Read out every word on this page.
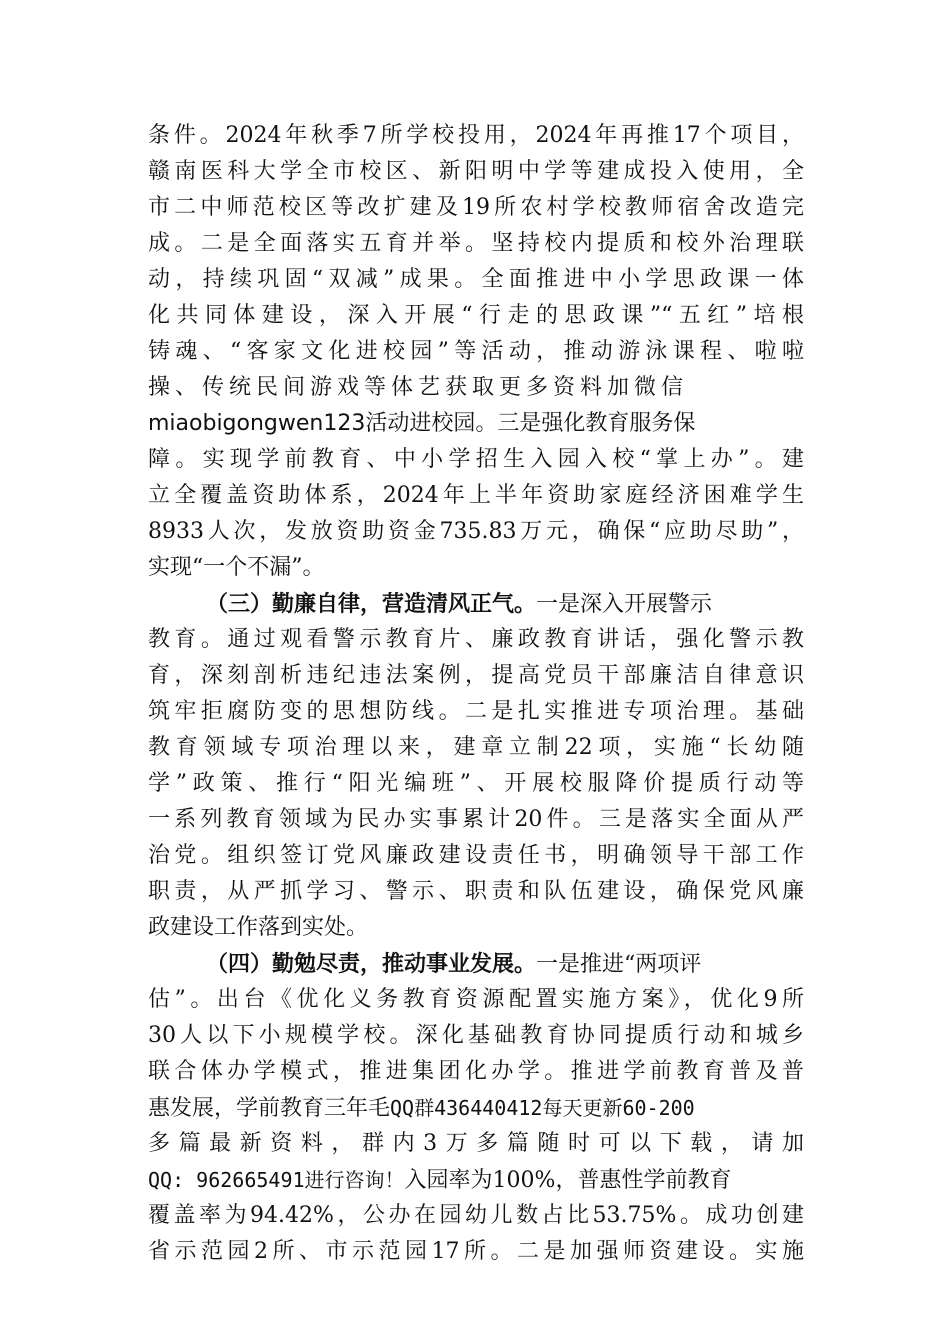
条件。2024年秋季7所学校投用，2024年再推17个项目，
赣南医科大学全市校区、新阳明中学等建成投入使用，全
市二中师范校区等改扩建及19所农村学校教师宿舍改造完
成。二是全面落实五育并举。坚持校内提质和校外治理联
动，持续巩固“双减”成果。全面推进中小学思政课一体
化共同体建设，深入开展“行走的思政课”“五红”培根
铸魂、“客家文化进校园”等活动，推动游泳课程、啦啦
操、传统民间游戏等体艺获取更多资料加微信
miaobigongwen123活动进校园。三是强化教育服务保
障。实现学前教育、中小学招生入园入校“掌上办”。建
立全覆盖资助体系，2024年上半年资助家庭经济困难学生
8933人次，发放资助资金735.83万元，确保“应助尽助”，
实现“一个不漏”。
（三）勤廉自律，营造清风正气。一是深入开展警示
教育。通过观看警示教育片、廉政教育讲话，强化警示教
育，深刻剖析违纪违法案例，提高党员干部廉洁自律意识
筑牢拒腐防变的思想防线。二是扎实推进专项治理。基础
教育领域专项治理以来，建章立制22项，实施“长幼随
学”政策、推行“阳光编班”、开展校服降价提质行动等
一系列教育领域为民办实事累计20件。三是落实全面从严
治党。组织签订党风廉政建设责任书，明确领导干部工作
职责，从严抓学习、警示、职责和队伍建设，确保党风廉
政建设工作落到实处。
（四）勤勉尽责，推动事业发展。一是推进“两项评
估”。出台《优化义务教育资源配置实施方案》，优化9所
30人以下小规模学校。深化基础教育协同提质行动和城乡
联合体办学模式，推进集团化办学。推进学前教育普及普
惠发展，学前教育三年毛QQ群436440412每天更新60-200
多篇最新资料，群内3万多篇随时可以下载，请加
QQ: 962665491进行咨询！入园率为100%，普惠性学前教育
覆盖率为94.42%，公办在园幼儿数占比53.75%。成功创建
省示范园2所、市示范园17所。二是加强师资建设。实施
